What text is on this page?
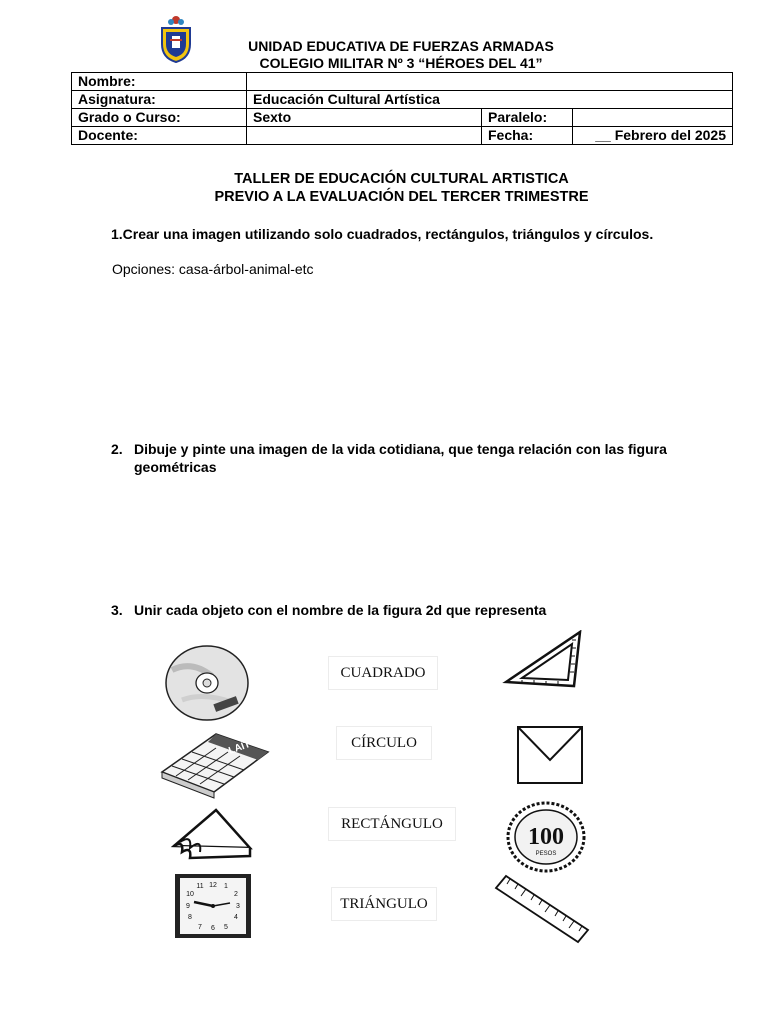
UNIDAD EDUCATIVA DE FUERZAS ARMADAS
COLEGIO MILITAR Nº 3 “HÉROES DEL 41”
Nombre:			
Asignatura:	Educación Cultural Artística		
Grado o Curso:	Sexto	Paralelo:	
Docente:		Fecha:	__ Febrero del 2025
TALLER DE EDUCACIÓN CULTURAL ARTISTICA
PREVIO A LA EVALUACIÓN DEL TERCER TRIMESTRE
1.Crear una imagen utilizando solo cuadrados, rectángulos, triángulos y círculos.
Opciones: casa-árbol-animal-etc
2. Dibuje y pinte una imagen de la vida cotidiana, que tenga relación con las figura
geométricas
3. Unir cada objeto con el nombre de la figura 2d que representa
LAIT
12 1
2
3
4
5
6
7
8
9
10
11
CUADRADO
CÍRCULO
RECTÁNGULO
TRIÁNGULO
100
PESOS
